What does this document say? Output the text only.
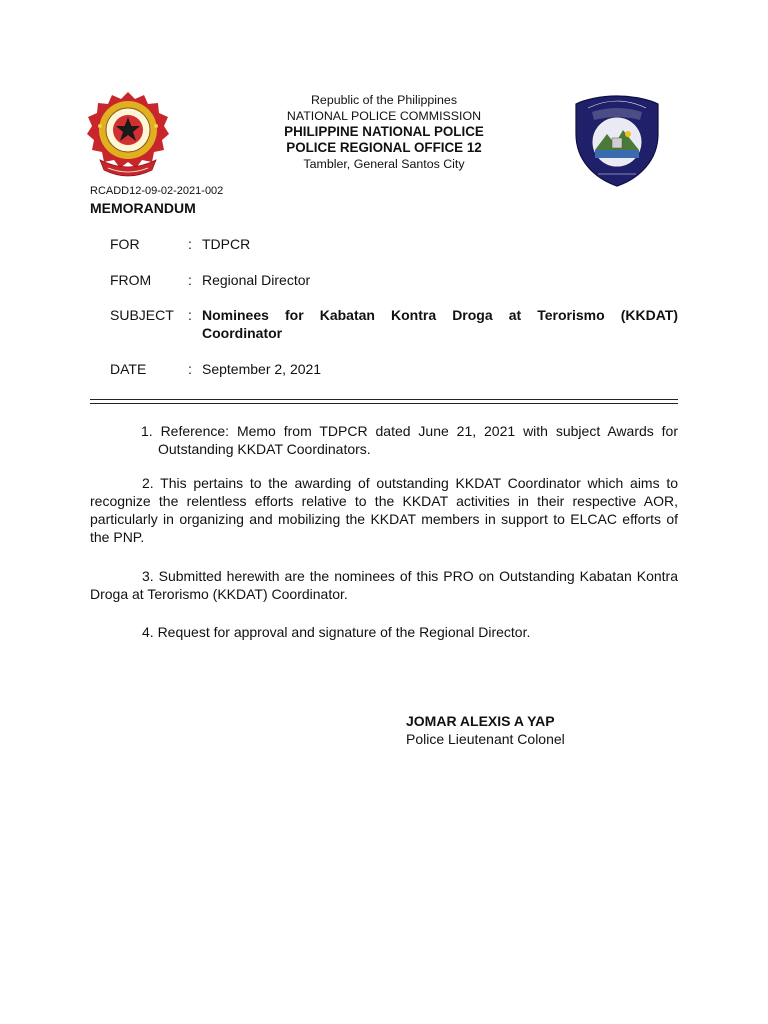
Republic of the Philippines
NATIONAL POLICE COMMISSION
PHILIPPINE NATIONAL POLICE
POLICE REGIONAL OFFICE 12
Tambler, General Santos City
RCADD12-09-02-2021-002
MEMORANDUM
FOR	: TDPCR
FROM	: Regional Director
SUBJECT : Nominees for Kabatan Kontra Droga at Terorismo (KKDAT) Coordinator
DATE	: September 2, 2021
1. Reference: Memo from TDPCR dated June 21, 2021 with subject Awards for Outstanding KKDAT Coordinators.
2. This pertains to the awarding of outstanding KKDAT Coordinator which aims to recognize the relentless efforts relative to the KKDAT activities in their respective AOR, particularly in organizing and mobilizing the KKDAT members in support to ELCAC efforts of the PNP.
3. Submitted herewith are the nominees of this PRO on Outstanding Kabatan Kontra Droga at Terorismo (KKDAT) Coordinator.
4. Request for approval and signature of the Regional Director.
JOMAR ALEXIS A YAP
Police Lieutenant Colonel
